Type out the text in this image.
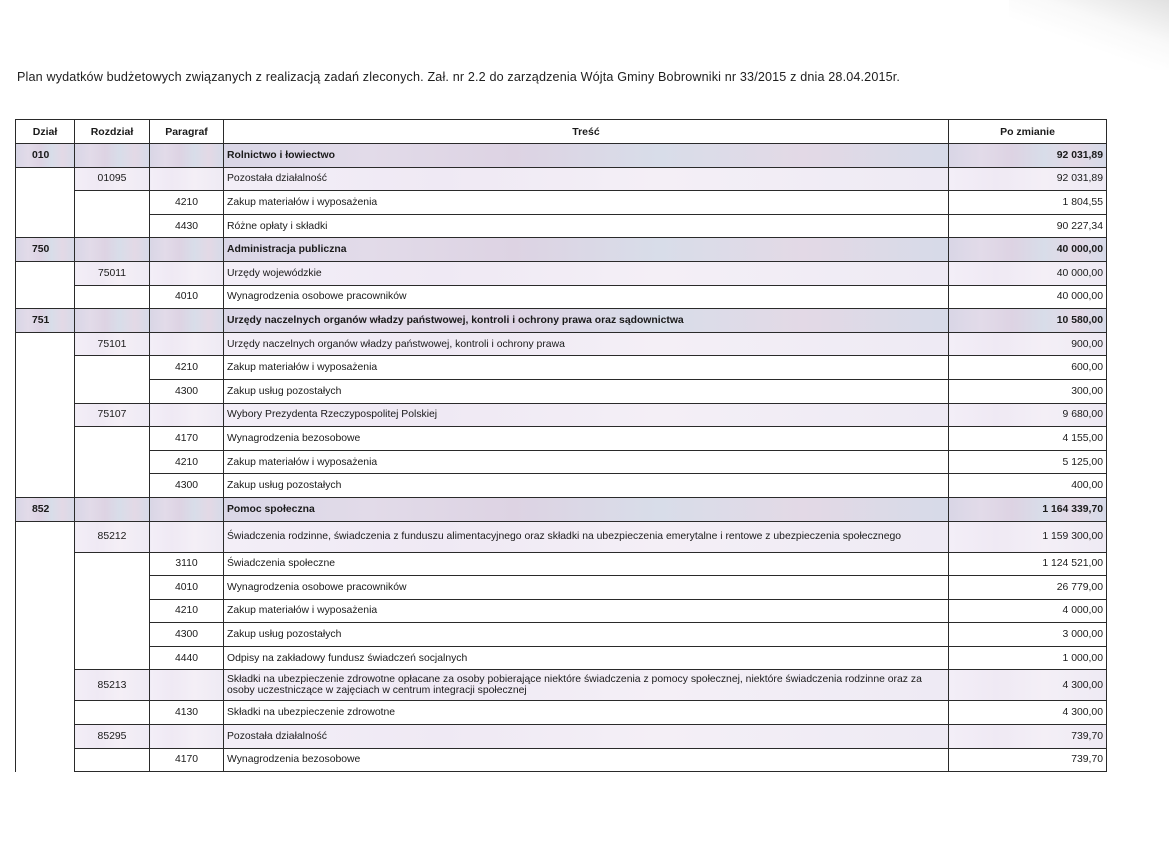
Plan wydatków budżetowych związanych z realizacją zadań zleconych. Zał. nr 2.2 do zarządzenia Wójta Gminy Bobrowniki nr 33/2015 z dnia 28.04.2015r.
Dział	Rozdział	Paragraf	Treść	Po zmianie
010			Rolnictwo i łowiectwo	92 031,89
	01095		Pozostała działalność	92 031,89
		4210	Zakup materiałów i wyposażenia	1 804,55
		4430	Różne opłaty i składki	90 227,34
750			Administracja publiczna	40 000,00
	75011		Urzędy wojewódzkie	40 000,00
		4010	Wynagrodzenia osobowe pracowników	40 000,00
751			Urzędy naczelnych organów władzy państwowej, kontroli i ochrony prawa oraz sądownictwa	10 580,00
	75101		Urzędy naczelnych organów władzy państwowej, kontroli i ochrony prawa	900,00
		4210	Zakup materiałów i wyposażenia	600,00
		4300	Zakup usług pozostałych	300,00
	75107		Wybory Prezydenta Rzeczypospolitej Polskiej	9 680,00
		4170	Wynagrodzenia bezosobowe	4 155,00
		4210	Zakup materiałów i wyposażenia	5 125,00
		4300	Zakup usług pozostałych	400,00
852			Pomoc społeczna	1 164 339,70
	85212		Świadczenia rodzinne, świadczenia z funduszu alimentacyjnego oraz składki na ubezpieczenia emerytalne i rentowe z ubezpieczenia społecznego	1 159 300,00
		3110	Świadczenia społeczne	1 124 521,00
		4010	Wynagrodzenia osobowe pracowników	26 779,00
		4210	Zakup materiałów i wyposażenia	4 000,00
		4300	Zakup usług pozostałych	3 000,00
		4440	Odpisy na zakładowy fundusz świadczeń socjalnych	1 000,00
	85213		Składki na ubezpieczenie zdrowotne opłacane za osoby pobierające niektóre świadczenia z pomocy społecznej, niektóre świadczenia rodzinne oraz za osoby uczestniczące w zajęciach w centrum integracji społecznej	4 300,00
		4130	Składki na ubezpieczenie zdrowotne	4 300,00
	85295		Pozostała działalność	739,70
		4170	Wynagrodzenia bezosobowe	739,70
